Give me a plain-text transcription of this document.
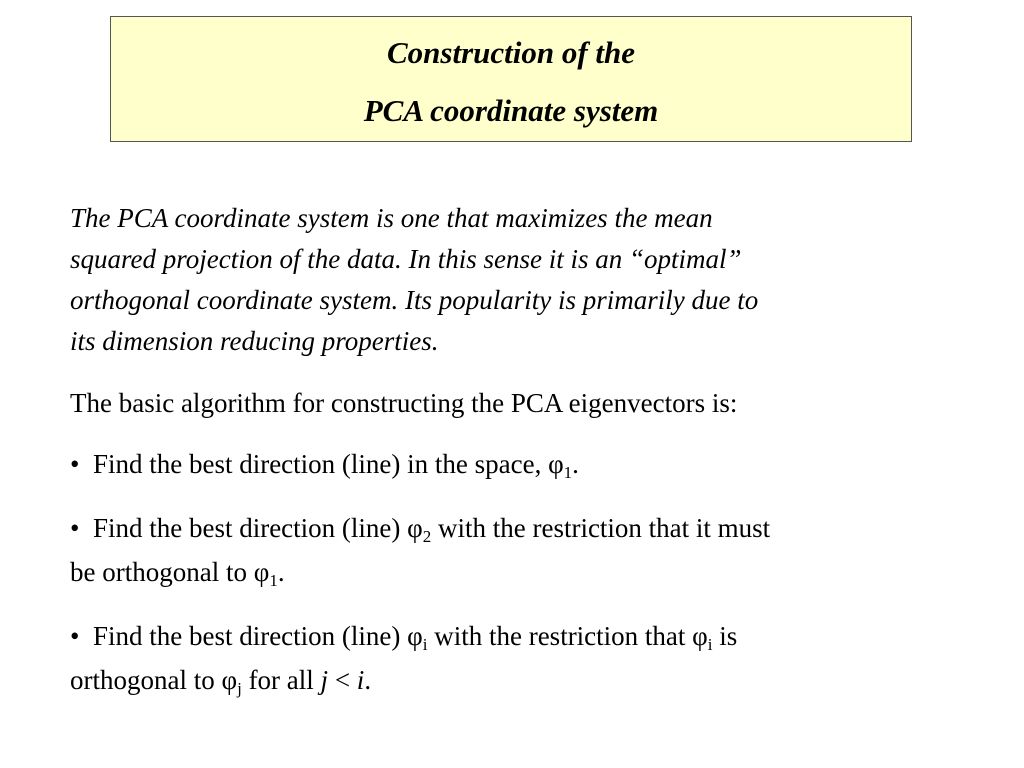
Construction of the
PCA coordinate system
The PCA coordinate system is one that maximizes the mean
squared projection of the data. In this sense it is an “optimal”
orthogonal coordinate system. Its popularity is primarily due to
its dimension reducing properties.
The basic algorithm for constructing the PCA eigenvectors is:
• Find the best direction (line) in the space, $\varphi_1$.
• Find the best direction (line) $\varphi_2$ with the restriction that it must
be orthogonal to $\varphi_1$.
• Find the best direction (line) $\varphi_i$ with the restriction that $\varphi_i$ is
orthogonal to $\varphi_j$ for all j < i.
